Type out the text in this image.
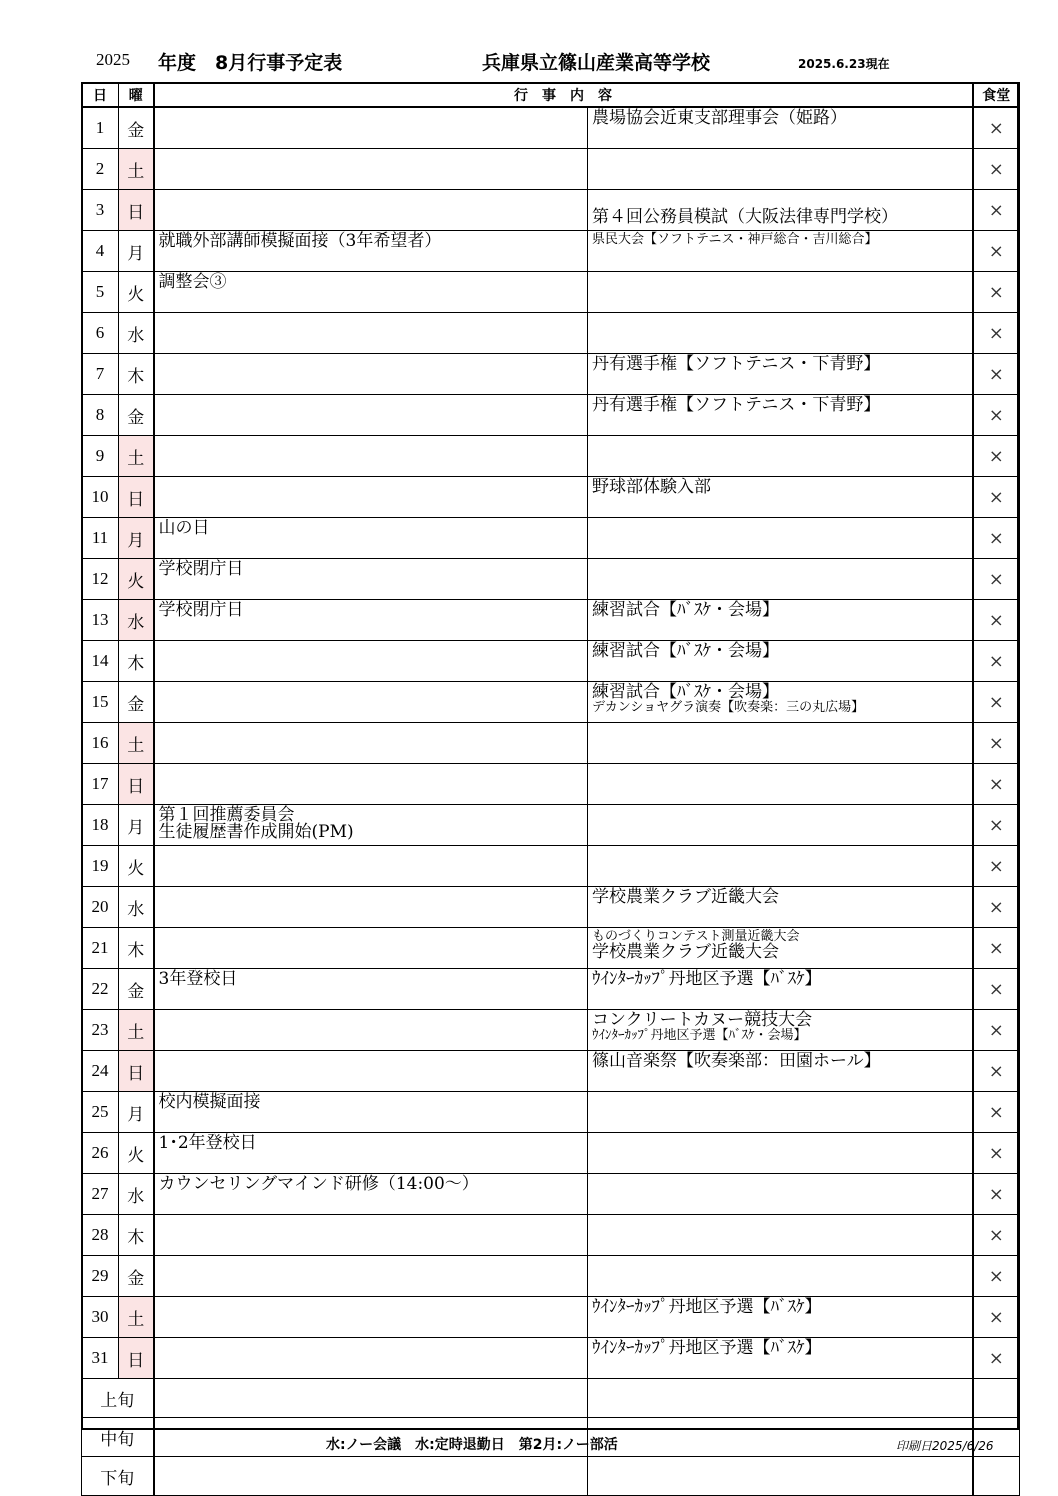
2025 年度　8月行事予定表	兵庫県立篠山産業高等学校	2025.6.23現在
日	曜	行　事　内　容		食堂
1	金		農場協会近東支部理事会（姫路）	×
2	土			×
3	日		第４回公務員模試（大阪法律専門学校）	×
4	月	就職外部講師模擬面接（3年希望者）	県民大会【ソフトテニス・神戸総合・吉川総合】	×
5	火	調整会③		×
6	水			×
7	木		丹有選手権【ソフトテニス・下青野】	×
8	金		丹有選手権【ソフトテニス・下青野】	×
9	土			×
10	日		野球部体験入部	×
11	月	山の日		×
12	火	学校閉庁日		×
13	水	学校閉庁日	練習試合【ﾊﾞｽｹ・会場】	×
14	木		練習試合【ﾊﾞｽｹ・会場】	×
15	金		練習試合【ﾊﾞｽｹ・会場】
デカンショヤグラ演奏【吹奏楽：三の丸広場】	×
16	土			×
17	日			×
18	月	第１回推薦委員会
生徒履歴書作成開始(PM)		×
19	火			×
20	水		学校農業クラブ近畿大会	×
21	木		ものづくりコンテスト測量近畿大会
学校農業クラブ近畿大会	×
22	金	3年登校日	ｳｲﾝﾀｰｶｯﾌﾟ丹地区予選【ﾊﾞｽｹ】	×
23	土		コンクリートカヌー競技大会
ｳｲﾝﾀｰｶｯﾌﾟ丹地区予選【ﾊﾞｽｹ・会場】	×
24	日		篠山音楽祭【吹奏楽部：田園ホール】	×
25	月	校内模擬面接		×
26	火	1･2年登校日		×
27	水	カウンセリングマインド研修（14:00～）		×
28	木			×
29	金			×
30	土		ｳｲﾝﾀｰｶｯﾌﾟ丹地区予選【ﾊﾞｽｹ】	×
31	日		ｳｲﾝﾀｰｶｯﾌﾟ丹地区予選【ﾊﾞｽｹ】	×
上旬				
中旬				
下旬				
水:ノー会議　水:定時退勤日　第2月:ノー部活	印刷日2025/6/26
